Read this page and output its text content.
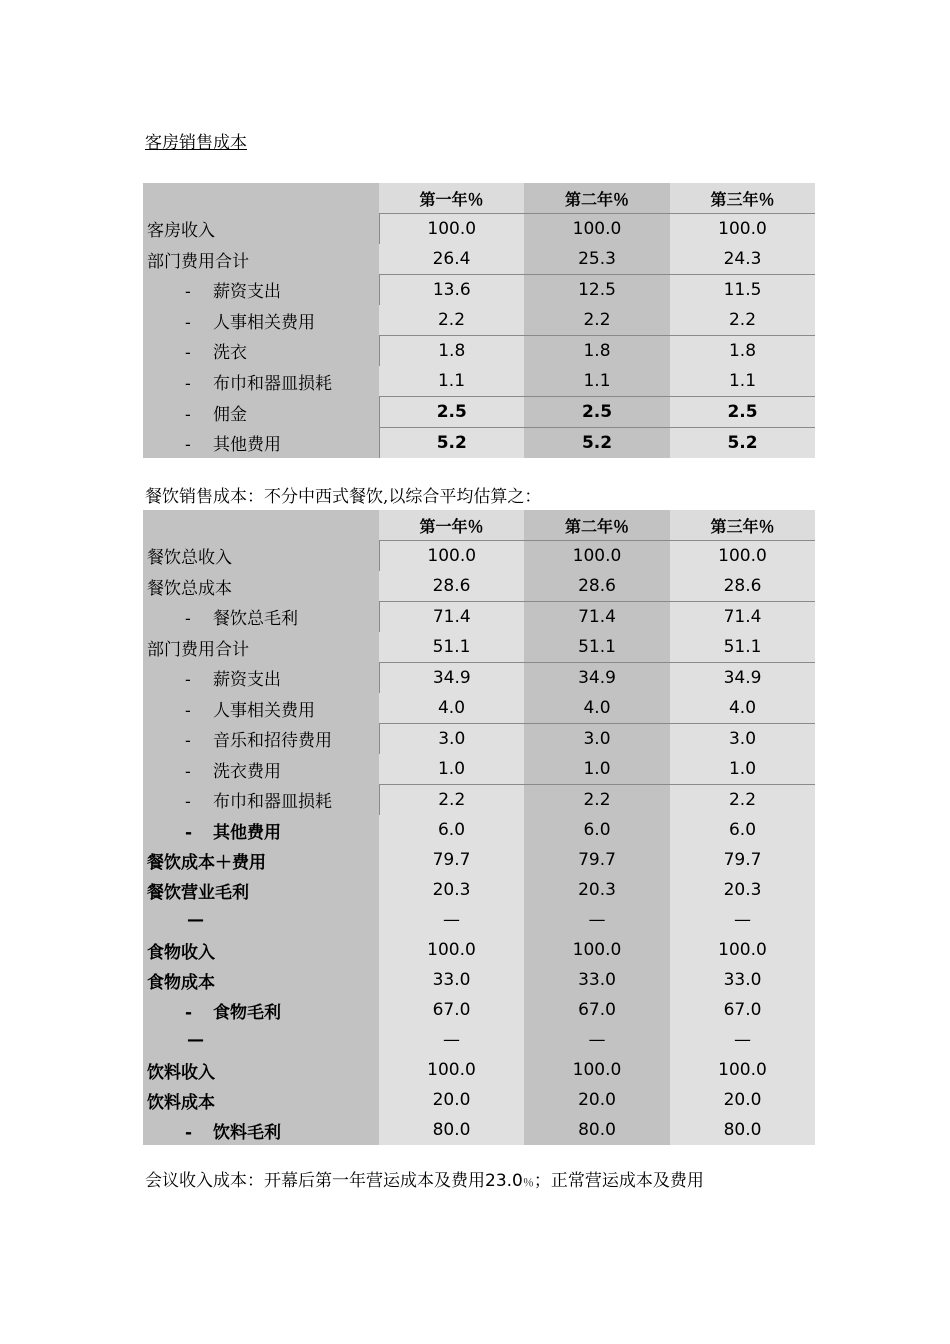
客房销售成本
	第一年％	第二年％	第三年％
客房收入	100.0	100.0	100.0
部门费用合计	26.4	25.3	24.3
- 薪资支出	13.6	12.5	11.5
- 人事相关费用	2.2	2.2	2.2
- 洗衣	1.8	1.8	1.8
- 布巾和器皿损耗	1.1	1.1	1.1
- 佣金	2.5	2.5	2.5
- 其他费用	5.2	5.2	5.2
餐饮销售成本：不分中西式餐饮,以综合平均估算之：
	第一年％	第二年％	第三年％
餐饮总收入	100.0	100.0	100.0
餐饮总成本	28.6	28.6	28.6
- 餐饮总毛利	71.4	71.4	71.4
部门费用合计	51.1	51.1	51.1
- 薪资支出	34.9	34.9	34.9
- 人事相关费用	4.0	4.0	4.0
- 音乐和招待费用	3.0	3.0	3.0
- 洗衣费用	1.0	1.0	1.0
- 布巾和器皿损耗	2.2	2.2	2.2
- 其他费用	6.0	6.0	6.0
餐饮成本＋费用	79.7	79.7	79.7
餐饮营业毛利	20.3	20.3	20.3
—	—	—	—
食物收入	100.0	100.0	100.0
食物成本	33.0	33.0	33.0
- 食物毛利	67.0	67.0	67.0
—	—	—	—
饮料收入	100.0	100.0	100.0
饮料成本	20.0	20.0	20.0
- 饮料毛利	80.0	80.0	80.0
会议收入成本：开幕后第一年营运成本及费用23.0％；正常营运成本及费用
